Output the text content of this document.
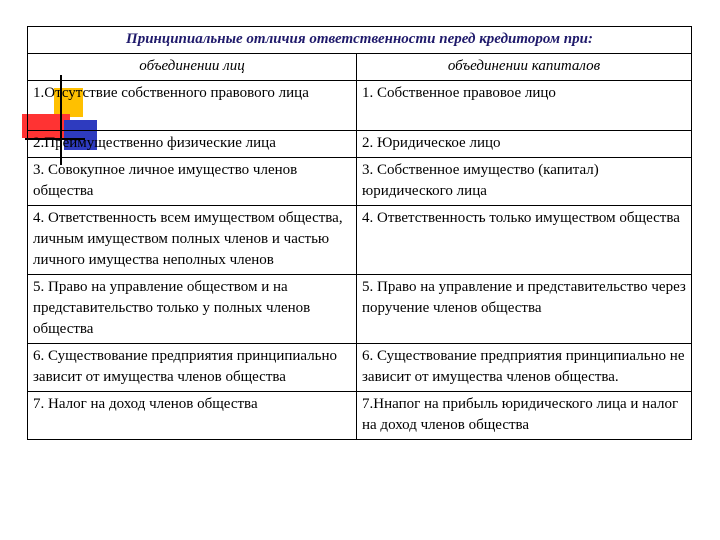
Принципиальные отличия ответственности перед кредитором при:	
объединении лиц	объединении капиталов
1.Отсутствие собственного правового лица	1. Собственное правовое лицо
2.Преимущественно физические лица	2. Юридическое лицо
3. Совокупное личное имущество членов общества	3. Собственное имущество (капитал) юридического лица
4. Ответственность всем имуществом общества, личным имуществом полных членов и частью личного имущества неполных членов	4. Ответственность только имуществом общества
5. Право на управление обществом и на представительство только у полных членов общества	5. Право на управление и представительство через поручение членов общества
6. Существование предприятия принципиально зависит от имущества членов общества	6. Существование предприятия принципиально не зависит от имущества членов общества.
7. Налог на доход членов общества	7.Ннапог на прибыль юридического лица и налог на доход членов общества
